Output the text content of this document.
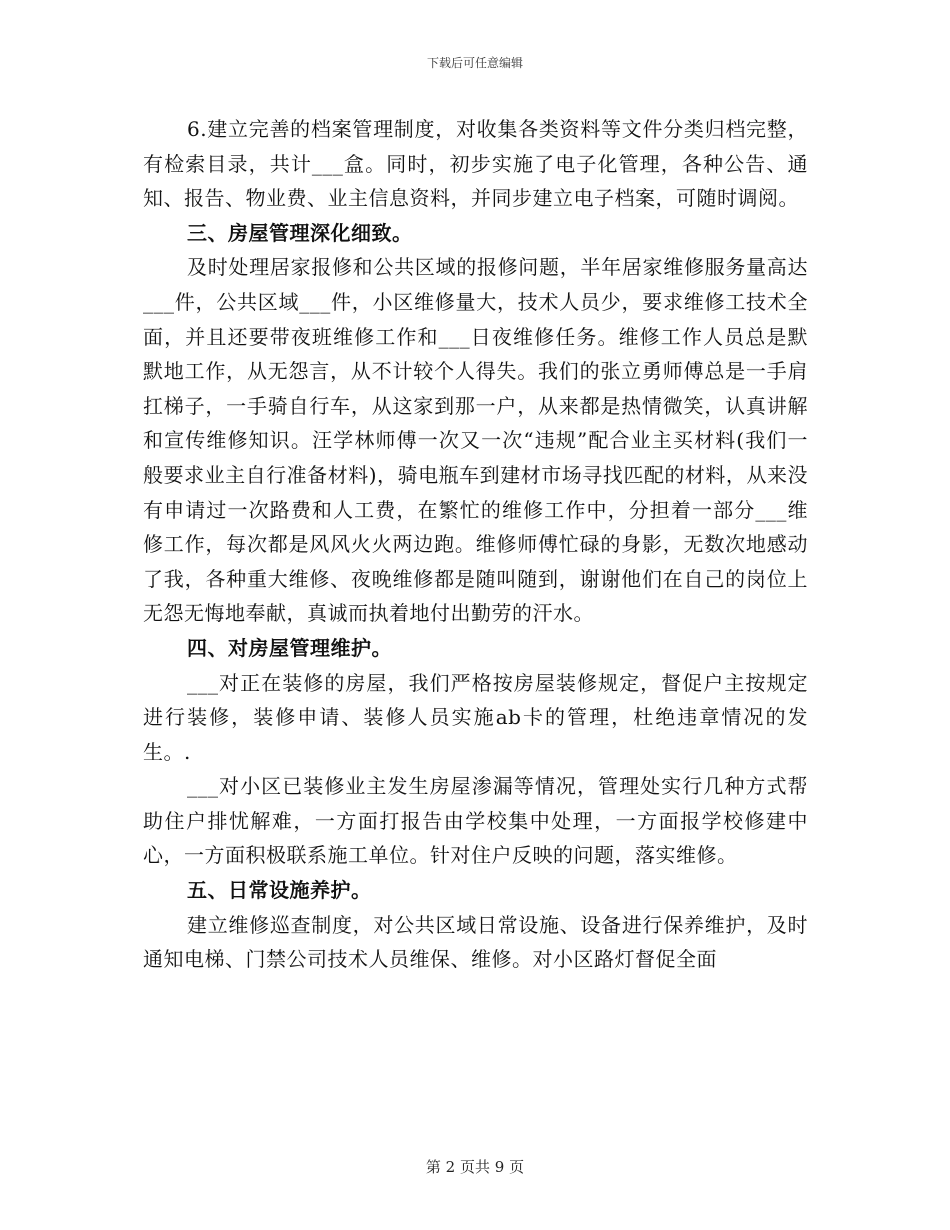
下载后可任意编辑

6.建立完善的档案管理制度，对收集各类资料等文件分类归档完整，有检索目录，共计___盒。同时，初步实施了电子化管理，各种公告、通知、报告、物业费、业主信息资料，并同步建立电子档案，可随时调阅。

三、房屋管理深化细致。

及时处理居家报修和公共区域的报修问题，半年居家维修服务量高达___件，公共区域___件，小区维修量大，技术人员少，要求维修工技术全面，并且还要带夜班维修工作和___日夜维修任务。维修工作人员总是默默地工作，从无怨言，从不计较个人得失。我们的张立勇师傅总是一手肩扛梯子，一手骑自行车，从这家到那一户，从来都是热情微笑，认真讲解和宣传维修知识。汪学林师傅一次又一次“违规”配合业主买材料(我们一般要求业主自行准备材料)，骑电瓶车到建材市场寻找匹配的材料，从来没有申请过一次路费和人工费，在繁忙的维修工作中，分担着一部分___维修工作，每次都是风风火火两边跑。维修师傅忙碌的身影，无数次地感动了我，各种重大维修、夜晚维修都是随叫随到，谢谢他们在自己的岗位上无怨无悔地奉献，真诚而执着地付出勤劳的汗水。

四、对房屋管理维护。

___对正在装修的房屋，我们严格按房屋装修规定，督促户主按规定进行装修，装修申请、装修人员实施ab卡的管理，杜绝违章情况的发生。.

___对小区已装修业主发生房屋渗漏等情况，管理处实行几种方式帮助住户排忧解难，一方面打报告由学校集中处理，一方面报学校修建中心，一方面积极联系施工单位。针对住户反映的问题，落实维修。

五、日常设施养护。

建立维修巡查制度，对公共区域日常设施、设备进行保养维护，及时通知电梯、门禁公司技术人员维保、维修。对小区路灯督促全面

第 2 页共 9 页
